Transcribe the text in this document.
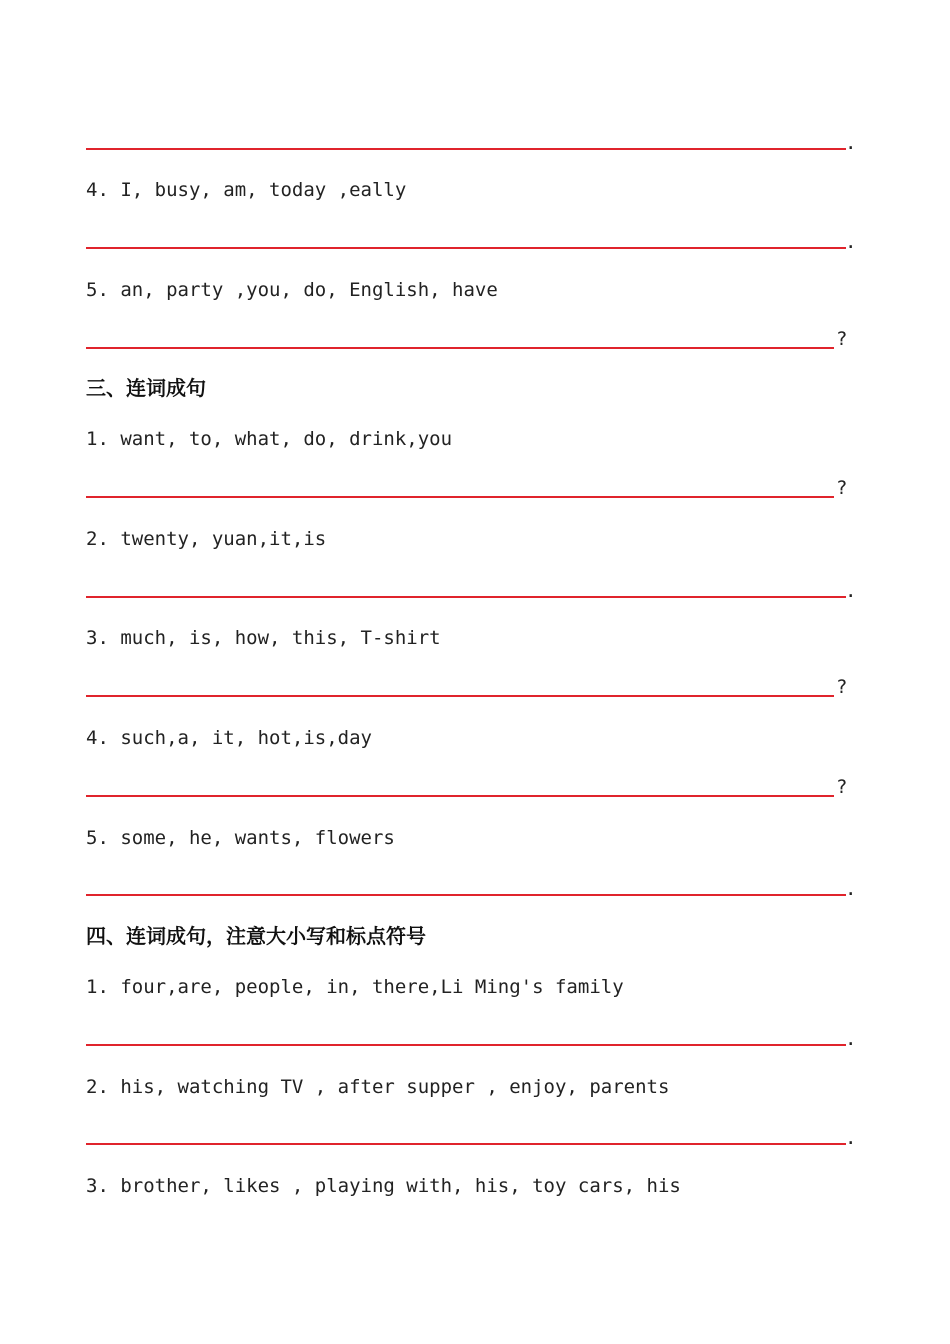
.
4. I, busy, am, today ,eally
.
5. an, party ,you, do, English, have
?
三、连词成句
1. want, to, what, do, drink,you
?
2. twenty, yuan,it,is
.
3. much, is, how, this, T-shirt
?
4. such,a, it, hot,is,day
?
5. some, he, wants, flowers
.
四、连词成句，注意大小写和标点符号
1. four,are, people, in, there,Li Ming's family
.
2. his, watching TV , after supper , enjoy, parents
.
3. brother, likes , playing with, his, toy cars, his
